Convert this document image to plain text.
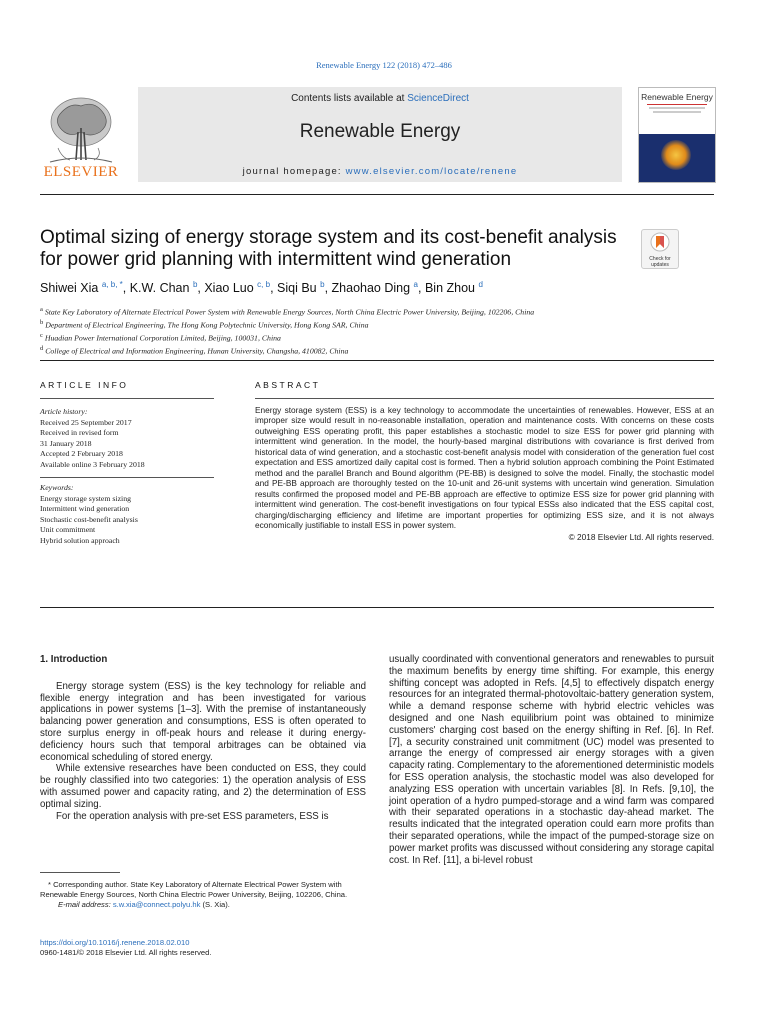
Renewable Energy 122 (2018) 472–486
ELSEVIER
Contents lists available at ScienceDirect
Renewable Energy
journal homepage: www.elsevier.com/locate/renene
Renewable Energy
Optimal sizing of energy storage system and its cost-benefit analysis for power grid planning with intermittent wind generation	Check for updates
Shiwei Xia $^{a, b, *}$, K.W. Chan $^b$, Xiao Luo $^{c, b}$, Siqi Bu $^b$, Zhaohao Ding $^a$, Bin Zhou $^d$
$^a$ State Key Laboratory of Alternate Electrical Power System with Renewable Energy Sources, North China Electric Power University, Beijing, 102206, China
$^b$ Department of Electrical Engineering, The Hong Kong Polytechnic University, Hong Kong SAR, China
$^c$ Huadian Power International Corporation Limited, Beijing, 100031, China
$^d$ College of Electrical and Information Engineering, Hunan University, Changsha, 410082, China
ARTICLE INFO
Article history:
Received 25 September 2017
Received in revised form
31 January 2018
Accepted 2 February 2018
Available online 3 February 2018
Keywords:
Energy storage system sizing
Intermittent wind generation
Stochastic cost-benefit analysis
Unit commitment
Hybrid solution approach
ABSTRACT

Energy storage system (ESS) is a key technology to accommodate the uncertainties of renewables. However, ESS at an improper size would result in no-reasonable installation, operation and maintenance costs. With concerns on these costs outweighing ESS operating profit, this paper establishes a stochastic model to size ESS for power grid planning with intermittent wind generation. In the model, the hourly-based marginal distributions with covariance is first derived from historical data of wind generation, and a stochastic cost-benefit analysis model with consideration of the generation fuel cost expectation and ESS amortized daily capital cost is formed. Then a hybrid solution approach combining the Point Estimated method and the parallel Branch and Bound algorithm (PE-BB) is designed to solve the model. Finally, the stochastic model and PE-BB approach are thoroughly tested on the 10-unit and 26-unit systems with uncertain wind generation. Simulation results confirmed the proposed model and PE-BB approach are effective to optimize ESS size for power grid planning with intermittent wind generation. The cost-benefit investigations on four typical ESSs also indicated that the ESS capital cost, charging/discharging efficiency and lifetime are important properties for optimizing ESS size, and it is not always economically justifiable to install ESS in power system.

© 2018 Elsevier Ltd. All rights reserved.
1. Introduction

Energy storage system (ESS) is the key technology for reliable and flexible energy integration and has been investigated for various applications in power systems [1–3]. With the premise of instantaneously balancing power generation and consumptions, ESS is often operated to store surplus energy in off-peak hours and release it during energy-deficiency hours such that temporal arbitrages can be obtained via economical scheduling of stored energy.

While extensive researches have been conducted on ESS, they could be roughly classified into two categories: 1) the operation analysis of ESS with assumed power and capacity rating, and 2) the determination of ESS optimal sizing.

For the operation analysis with pre-set ESS parameters, ESS is

* Corresponding author. State Key Laboratory of Alternate Electrical Power System with Renewable Energy Sources, North China Electric Power University, Beijing, 102206, China.

E-mail address: s.w.xia@connect.polyu.hk (S. Xia).

https://doi.org/10.1016/j.renene.2018.02.010
0960-1481/© 2018 Elsevier Ltd. All rights reserved.

usually coordinated with conventional generators and renewables to pursuit the maximum benefits by energy time shifting. For example, this energy shifting concept was adopted in Refs. [4,5] to effectively dispatch energy resources for an integrated thermal-photovoltaic-battery generation system, while a demand response scheme with hybrid electric vehicles was designed and one Nash equilibrium point was obtained to minimize customers' charging cost based on the energy shifting in Ref. [6]. In Ref. [7], a security constrained unit commitment (UC) model was presented to arrange the energy of compressed air energy storages with a given capacity rating. Complementary to the aforementioned deterministic models for ESS operation analysis, the stochastic model was also developed for analyzing ESS operation with uncertain variables [8]. In Refs. [9,10], the joint operation of a hydro pumped-storage and a wind farm was compared with their separated operations in a stochastic day-ahead market. The results indicated that the integrated operation could earn more profits than their separated operations, while the impact of the pumped-storage size on power market profits was discussed without considering any storage capital cost. In Ref. [11], a bi-level robust
